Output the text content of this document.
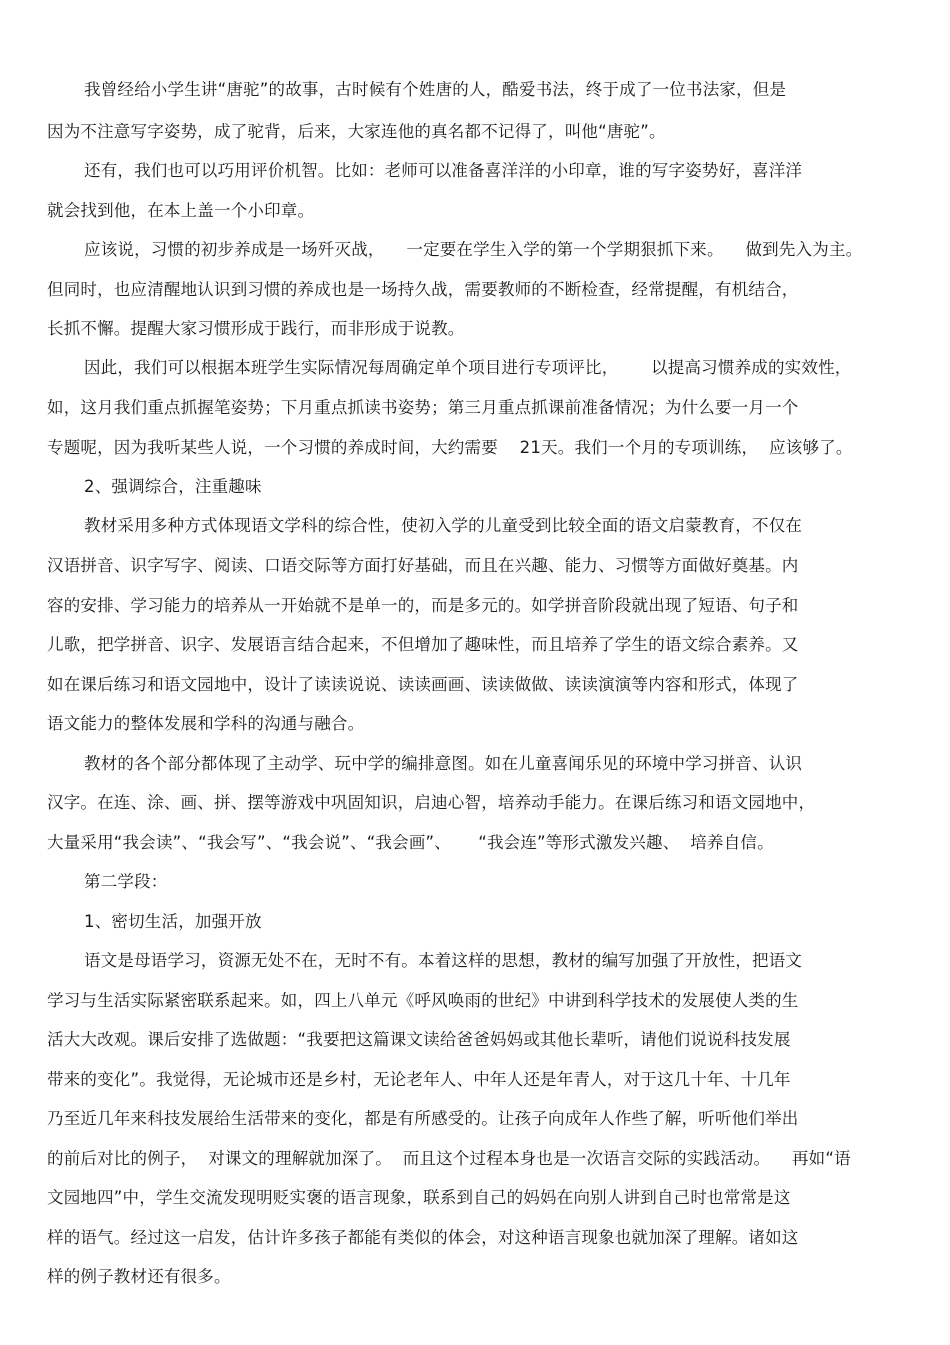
我曾经给小学生讲“唐驼”的故事，古时候有个姓唐的人，酷爱书法，终于成了一位书法家，但是
因为不注意写字姿势，成了驼背，后来，大家连他的真名都不记得了，叫他“唐驼”。
还有，我们也可以巧用评价机智。比如：老师可以准备喜洋洋的小印章，谁的写字姿势好，喜洋洋
就会找到他，在本上盖一个小印章。
应该说，习惯的初步养成是一场歼灭战，    一定要在学生入学的第一个学期狠抓下来。    做到先入为主。
但同时，也应清醒地认识到习惯的养成也是一场持久战，需要教师的不断检查，经常提醒，有机结合，
长抓不懈。提醒大家习惯形成于践行，而非形成于说教。
因此，我们可以根据本班学生实际情况每周确定单个项目进行专项评比，      以提高习惯养成的实效性，
如，这月我们重点抓握笔姿势；下月重点抓读书姿势；第三月重点抓课前准备情况；为什么要一月一个
专题呢，因为我听某些人说，一个习惯的养成时间，大约需要    21天。我们一个月的专项训练，  应该够了。
2、强调综合，注重趣味
教材采用多种方式体现语文学科的综合性，使初入学的儿童受到比较全面的语文启蒙教育，不仅在
汉语拼音、识字写字、阅读、口语交际等方面打好基础，而且在兴趣、能力、习惯等方面做好奠基。内
容的安排、学习能力的培养从一开始就不是单一的，而是多元的。如学拼音阶段就出现了短语、句子和
儿歌，把学拼音、识字、发展语言结合起来，不但增加了趣味性，而且培养了学生的语文综合素养。又
如在课后练习和语文园地中，设计了读读说说、读读画画、读读做做、读读演演等内容和形式，体现了
语文能力的整体发展和学科的沟通与融合。
教材的各个部分都体现了主动学、玩中学的编排意图。如在儿童喜闻乐见的环境中学习拼音、认识
汉字。在连、涂、画、拼、摆等游戏中巩固知识，启迪心智，培养动手能力。在课后练习和语文园地中，
大量采用“我会读”、“我会写”、“我会说”、“我会画”、     “我会连”等形式激发兴趣、  培养自信。
第二学段：
1、密切生活，加强开放
语文是母语学习，资源无处不在，无时不有。本着这样的思想，教材的编写加强了开放性，把语文
学习与生活实际紧密联系起来。如，四上八单元《呼风唤雨的世纪》中讲到科学技术的发展使人类的生
活大大改观。课后安排了选做题：“我要把这篇课文读给爸爸妈妈或其他长辈听，请他们说说科技发展
带来的变化”。我觉得，无论城市还是乡村，无论老年人、中年人还是年青人，对于这几十年、十几年
乃至近几年来科技发展给生活带来的变化，都是有所感受的。让孩子向成年人作些了解，听听他们举出
的前后对比的例子，  对课文的理解就加深了。  而且这个过程本身也是一次语言交际的实践活动。    再如“语
文园地四”中，学生交流发现明贬实褒的语言现象，联系到自己的妈妈在向别人讲到自己时也常常是这
样的语气。经过这一启发，估计许多孩子都能有类似的体会，对这种语言现象也就加深了理解。诸如这
样的例子教材还有很多。
